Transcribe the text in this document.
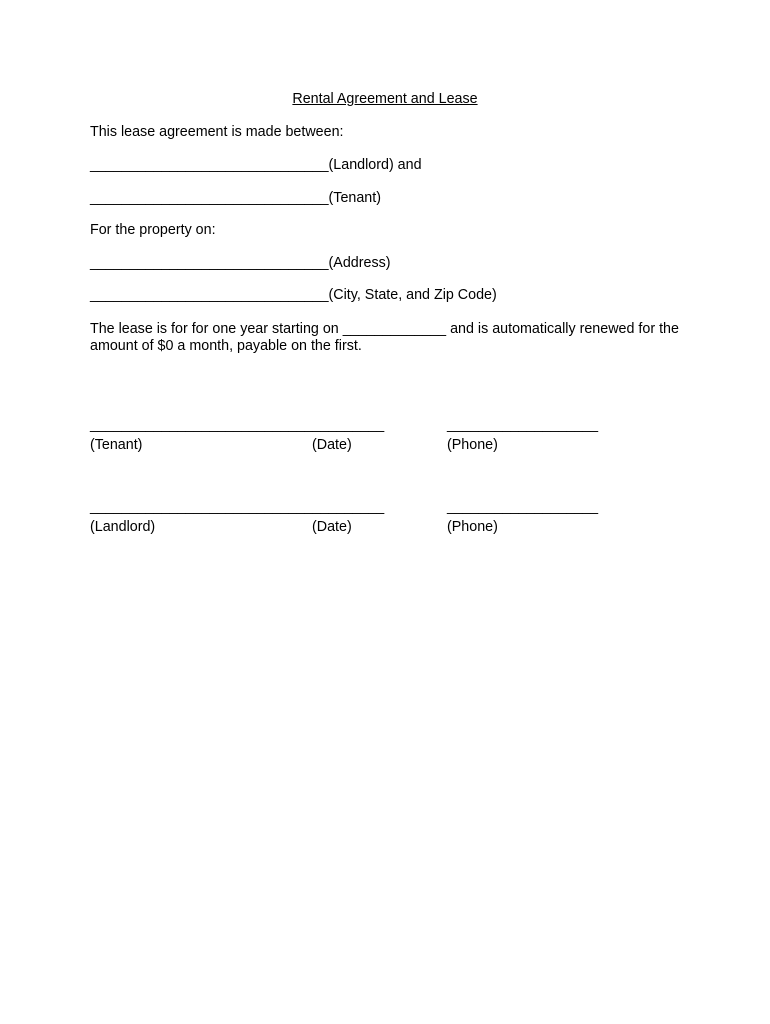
Rental Agreement and Lease
This lease agreement is made between:
______________________________(Landlord) and
______________________________(Tenant)
For the property on:
______________________________(Address)
______________________________(City, State, and Zip Code)
The lease is for for one year starting on _____________ and is automatically renewed for the amount of $0 a month, payable on the first.
_____________________________________	___________________
(Tenant)	(Date)	(Phone)
_____________________________________	___________________
(Landlord)	(Date)	(Phone)
